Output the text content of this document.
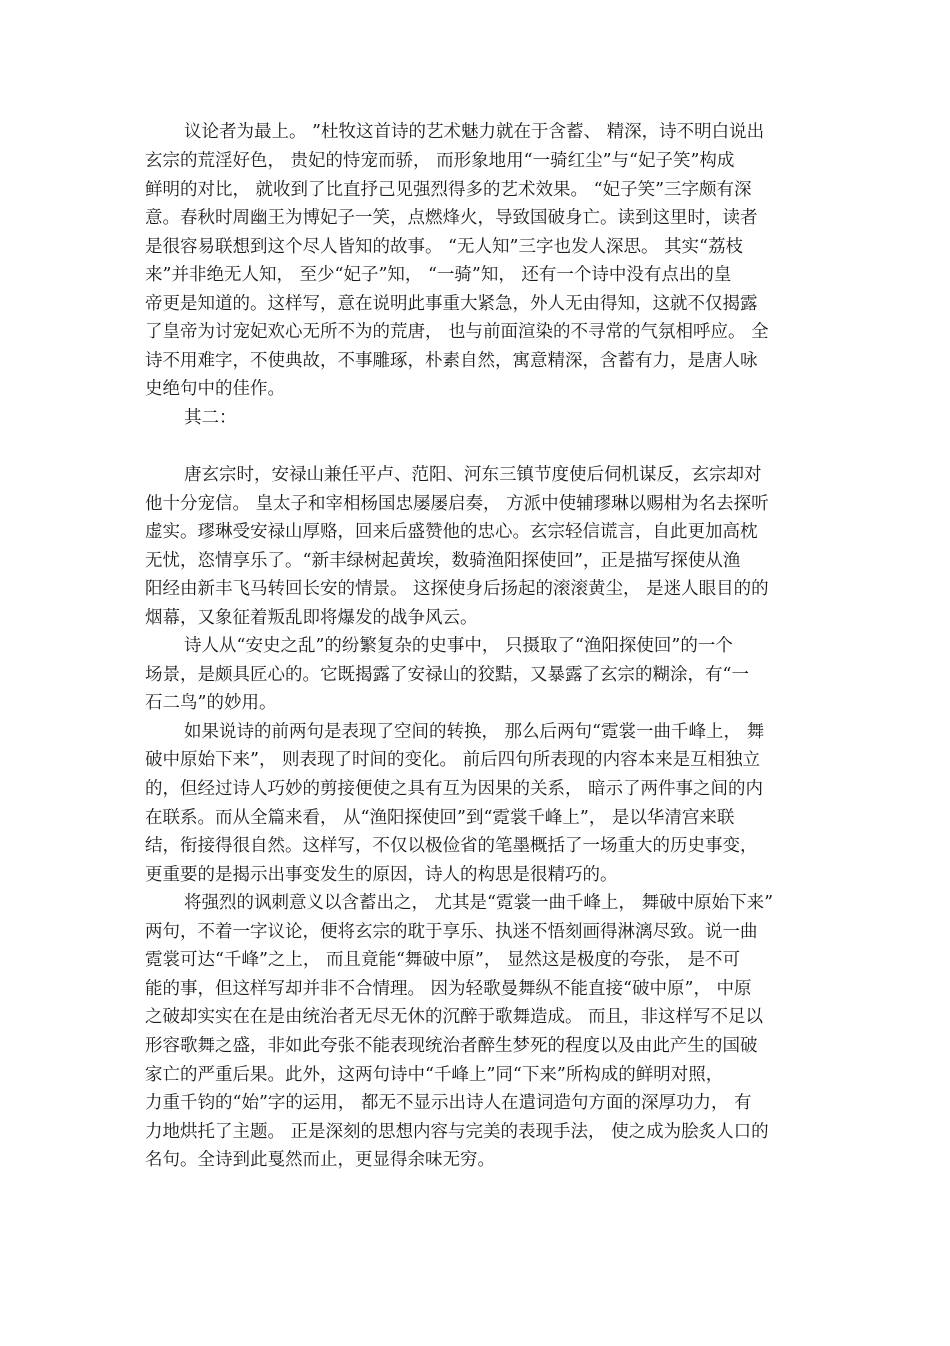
议论者为最上。 ”杜牧这首诗的艺术魅力就在于含蓄、 精深，诗不明白说出
玄宗的荒淫好色， 贵妃的恃宠而骄， 而形象地用“一骑红尘”与“妃子笑”构成
鲜明的对比， 就收到了比直抒己见强烈得多的艺术效果。 “妃子笑”三字颇有深
意。春秋时周幽王为博妃子一笑，点燃烽火，导致国破身亡。读到这里时，读者
是很容易联想到这个尽人皆知的故事。 “无人知”三字也发人深思。 其实“荔枝
来”并非绝无人知， 至少“妃子”知， “一骑”知， 还有一个诗中没有点出的皇
帝更是知道的。这样写，意在说明此事重大紧急，外人无由得知，这就不仅揭露
了皇帝为讨宠妃欢心无所不为的荒唐， 也与前面渲染的不寻常的气氛相呼应。 全
诗不用难字，不使典故，不事雕琢，朴素自然，寓意精深，含蓄有力，是唐人咏
史绝句中的佳作。
其二：
唐玄宗时，安禄山兼任平卢、范阳、河东三镇节度使后伺机谋反，玄宗却对
他十分宠信。 皇太子和宰相杨国忠屡屡启奏， 方派中使辅璆琳以赐柑为名去探听
虚实。璆琳受安禄山厚赂，回来后盛赞他的忠心。玄宗轻信谎言，自此更加高枕
无忧，恣情享乐了。“新丰绿树起黄埃，数骑渔阳探使回”，正是描写探使从渔
阳经由新丰飞马转回长安的情景。 这探使身后扬起的滚滚黄尘， 是迷人眼目的的
烟幕，又象征着叛乱即将爆发的战争风云。
诗人从“安史之乱”的纷繁复杂的史事中， 只摄取了“渔阳探使回”的一个
场景，是颇具匠心的。它既揭露了安禄山的狡黠，又暴露了玄宗的糊涂，有“一
石二鸟”的妙用。
如果说诗的前两句是表现了空间的转换， 那么后两句“霓裳一曲千峰上， 舞
破中原始下来”， 则表现了时间的变化。 前后四句所表现的内容本来是互相独立
的，但经过诗人巧妙的剪接便使之具有互为因果的关系， 暗示了两件事之间的内
在联系。而从全篇来看， 从“渔阳探使回”到“霓裳千峰上”， 是以华清宫来联
结，衔接得很自然。这样写，不仅以极俭省的笔墨概括了一场重大的历史事变，
更重要的是揭示出事变发生的原因，诗人的构思是很精巧的。
将强烈的讽刺意义以含蓄出之， 尤其是“霓裳一曲千峰上， 舞破中原始下来”
两句，不着一字议论，便将玄宗的耽于享乐、执迷不悟刻画得淋漓尽致。说一曲
霓裳可达“千峰”之上， 而且竟能“舞破中原”， 显然这是极度的夸张， 是不可
能的事，但这样写却并非不合情理。 因为轻歌曼舞纵不能直接“破中原”， 中原
之破却实实在在是由统治者无尽无休的沉醉于歌舞造成。 而且，非这样写不足以
形容歌舞之盛，非如此夸张不能表现统治者醉生梦死的程度以及由此产生的国破
家亡的严重后果。此外，这两句诗中“千峰上”同“下来”所构成的鲜明对照，
力重千钧的“始”字的运用， 都无不显示出诗人在遣词造句方面的深厚功力， 有
力地烘托了主题。 正是深刻的思想内容与完美的表现手法， 使之成为脍炙人口的
名句。全诗到此戛然而止，更显得余味无穷。
